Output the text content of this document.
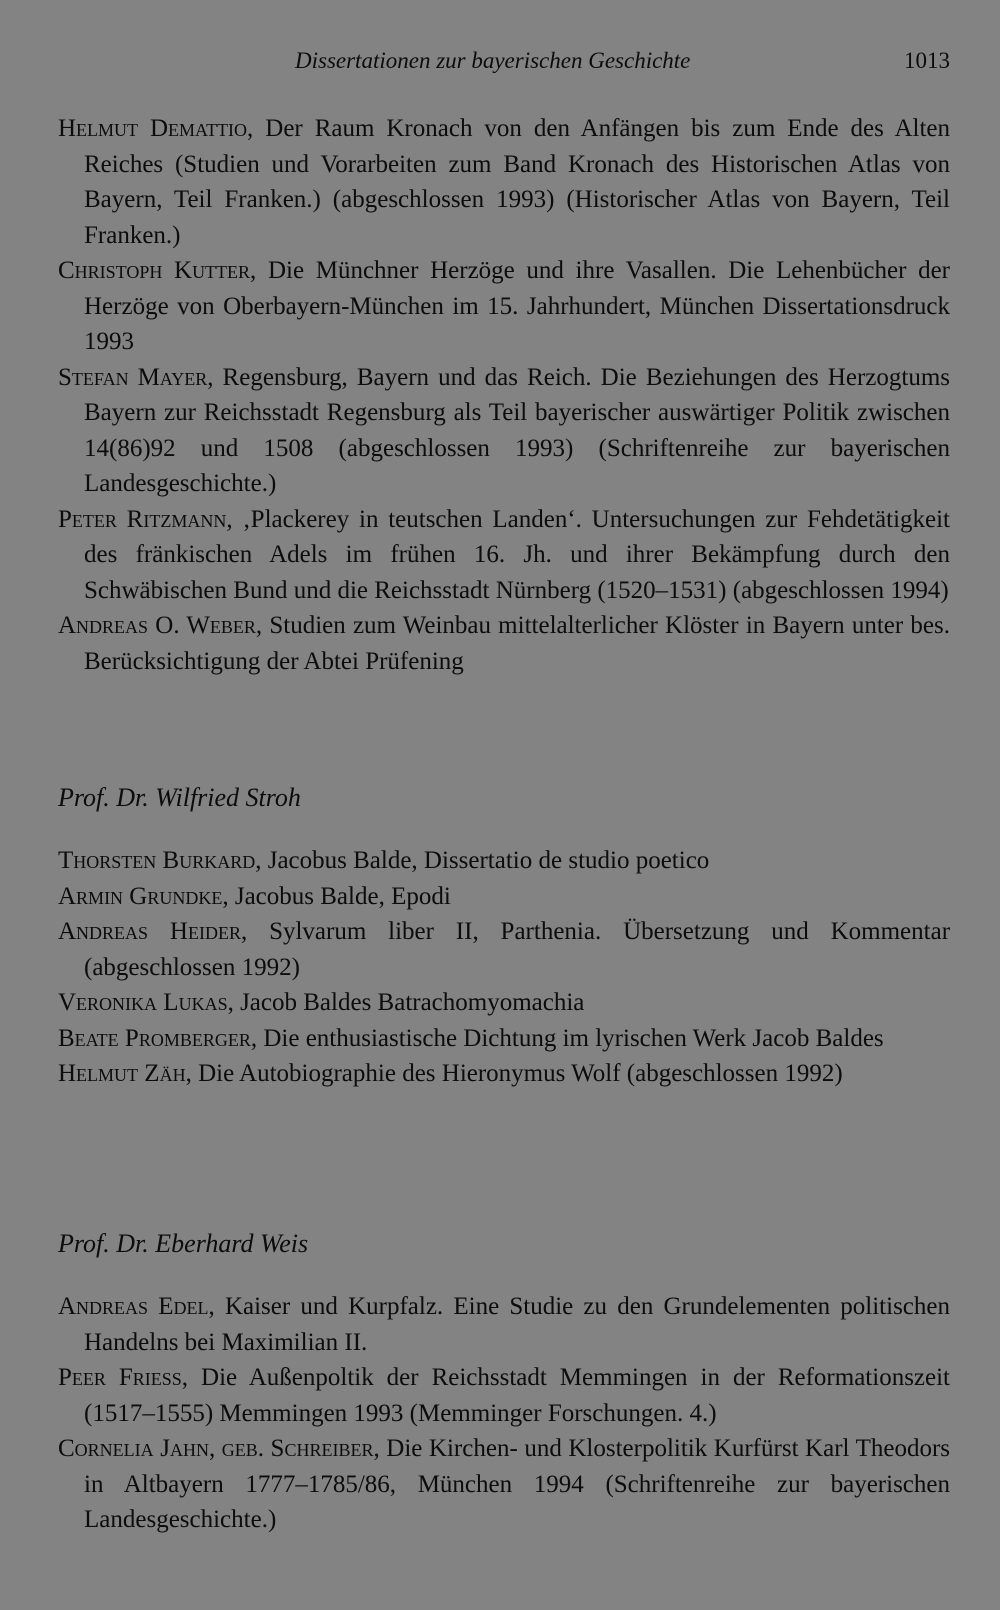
Dissertationen zur bayerischen Geschichte	1013

Helmut Demattio, Der Raum Kronach von den Anfängen bis zum Ende des Alten Reiches (Studien und Vorarbeiten zum Band Kronach des Historischen Atlas von Bayern, Teil Franken.) (abgeschlossen 1993) (Historischer Atlas von Bayern, Teil Franken.)

Christoph Kutter, Die Münchner Herzöge und ihre Vasallen. Die Lehenbücher der Herzöge von Oberbayern-München im 15. Jahrhundert, München Dissertationsdruck 1993

Stefan Mayer, Regensburg, Bayern und das Reich. Die Beziehungen des Herzogtums Bayern zur Reichsstadt Regensburg als Teil bayerischer auswärtiger Politik zwischen 14(86)92 und 1508 (abgeschlossen 1993) (Schriftenreihe zur bayerischen Landesgeschichte.)

Peter Ritzmann, ‚Plackerey in teutschen Landen‘. Untersuchungen zur Fehdetätigkeit des fränkischen Adels im frühen 16. Jh. und ihrer Bekämpfung durch den Schwäbischen Bund und die Reichsstadt Nürnberg (1520–1531) (abgeschlossen 1994)

Andreas O. Weber, Studien zum Weinbau mittelalterlicher Klöster in Bayern unter bes. Berücksichtigung der Abtei Prüfening

Prof. Dr. Wilfried Stroh

Thorsten Burkard, Jacobus Balde, Dissertatio de studio poetico

Armin Grundke, Jacobus Balde, Epodi

Andreas Heider, Sylvarum liber II, Parthenia. Übersetzung und Kommentar (abgeschlossen 1992)

Veronika Lukas, Jacob Baldes Batrachomyomachia

Beate Promberger, Die enthusiastische Dichtung im lyrischen Werk Jacob Baldes

Helmut Zäh, Die Autobiographie des Hieronymus Wolf (abgeschlossen 1992)

Prof. Dr. Eberhard Weis

Andreas Edel, Kaiser und Kurpfalz. Eine Studie zu den Grundelementen politischen Handelns bei Maximilian II.

Peer Friess, Die Außenpoltik der Reichsstadt Memmingen in der Reformationszeit (1517–1555) Memmingen 1993 (Memminger Forschungen. 4.)

Cornelia Jahn, geb. Schreiber, Die Kirchen- und Klosterpolitik Kurfürst Karl Theodors in Altbayern 1777–1785/86, München 1994 (Schriftenreihe zur bayerischen Landesgeschichte.)
